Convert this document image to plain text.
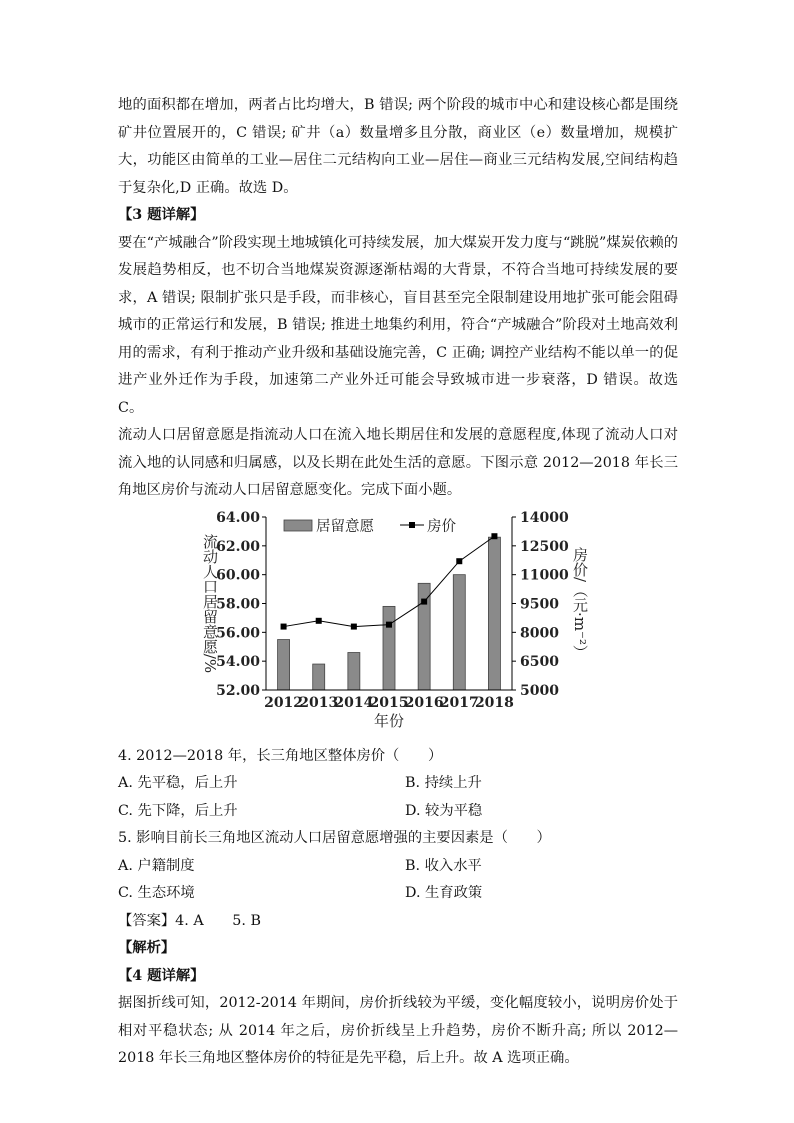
地的面积都在增加，两者占比均增大，B 错误; 两个阶段的城市中心和建设核心都是围绕矿井位置展开的，C 错误; 矿井（a）数量增多且分散，商业区（e）数量增加，规模扩大，功能区由简单的工业—居住二元结构向工业—居住—商业三元结构发展,空间结构趋于复杂化,D 正确。故选 D。

【3 题详解】

要在“产城融合”阶段实现土地城镇化可持续发展，加大煤炭开发力度与“跳脱”煤炭依赖的发展趋势相反，也不切合当地煤炭资源逐渐枯竭的大背景，不符合当地可持续发展的要求，A 错误; 限制扩张只是手段，而非核心，盲目甚至完全限制建设用地扩张可能会阻碍城市的正常运行和发展，B 错误; 推进土地集约利用，符合“产城融合”阶段对土地高效利用的需求，有利于推动产业升级和基础设施完善，C 正确; 调控产业结构不能以单一的促进产业外迁作为手段，加速第二产业外迁可能会导致城市进一步衰落，D 错误。故选 C。

流动人口居留意愿是指流动人口在流入地长期居住和发展的意愿程度,体现了流动人口对流入地的认同感和归属感，以及长期在此处生活的意愿。下图示意 2012—2018 年长三角地区房价与流动人口居留意愿变化。完成下面小题。

52.00
54.00
56.00
58.00
60.00
62.00
64.00
5000
6500
8000
9500
11000
12500
14000
2012
2013
2014
2015
2016
2017
2018
年份
流动人口居留意愿/%	房价/（元·m⁻²）
居留意愿	房价

4. 2012—2018 年，长三角地区整体房价（　　）

A. 先平稳，后上升	B. 持续上升

C. 先下降，后上升	D. 较为平稳

5. 影响目前长三角地区流动人口居留意愿增强的主要因素是（　　）

A. 户籍制度	B. 收入水平

C. 生态环境	D. 生育政策

【答案】4. A　　5. B

【解析】

【4 题详解】

据图折线可知，2012-2014 年期间，房价折线较为平缓，变化幅度较小，说明房价处于相对平稳状态; 从 2014 年之后，房价折线呈上升趋势，房价不断升高; 所以 2012—2018 年长三角地区整体房价的特征是先平稳，后上升。故 A 选项正确。
